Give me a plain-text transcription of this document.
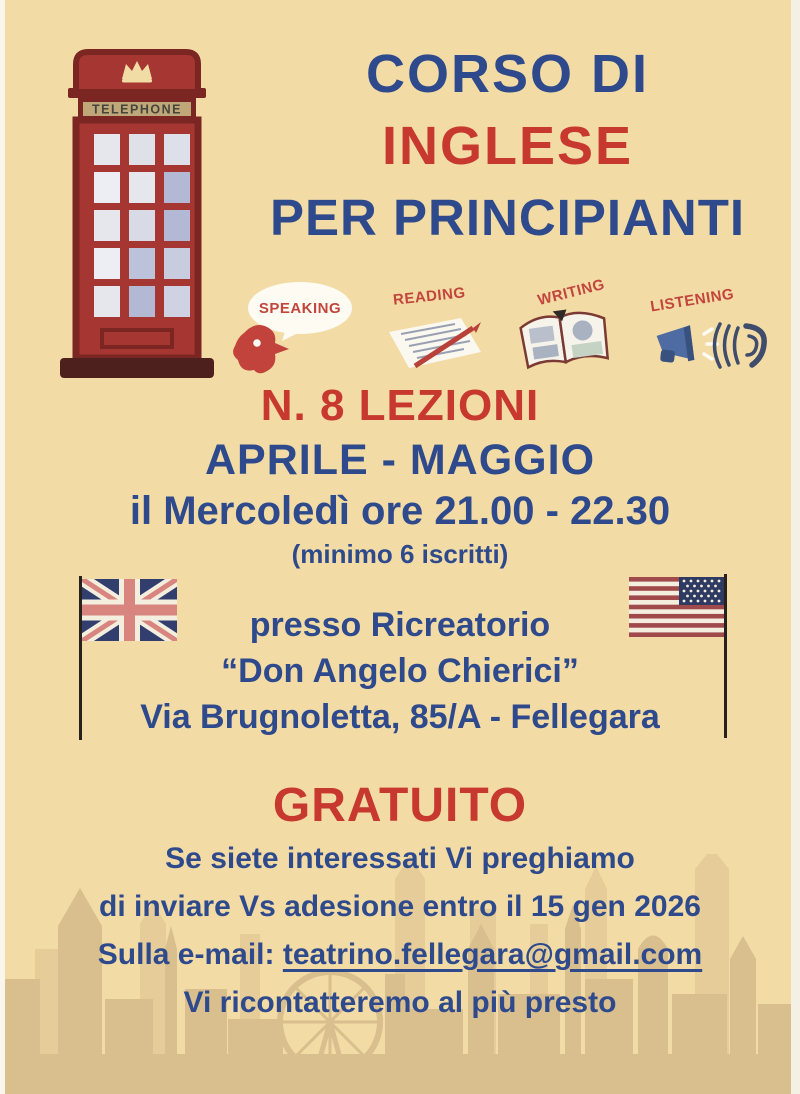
TELEPHONE
CORSO DI
INGLESE
PER PRINCIPIANTI
SPEAKING	READING	WRITING	LISTENING
N. 8 LEZIONI
APRILE - MAGGIO
il Mercoledì ore 21.00 - 22.30
(minimo 6 iscritti)
presso Ricreatorio
“Don Angelo Chierici”
Via Brugnoletta, 85/A - Fellegara
GRATUITO
Se siete interessati Vi preghiamo
di inviare Vs adesione entro il 15 gen 2026
Sulla e-mail: teatrino.fellegara@gmail.com
Vi ricontatteremo al più presto
